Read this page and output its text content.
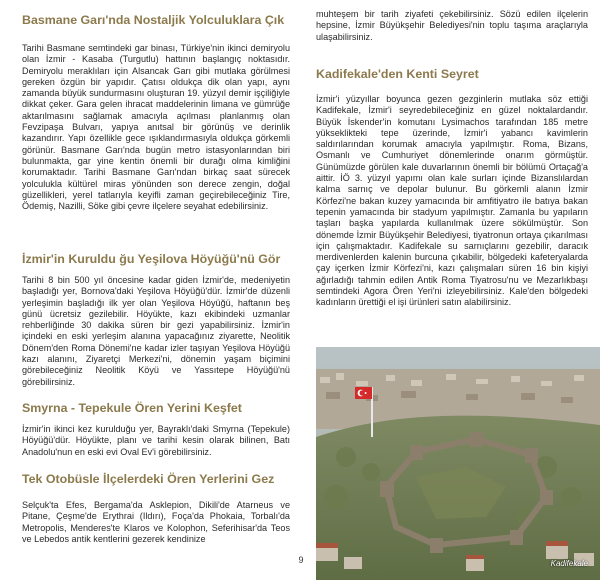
Basmane Garı'nda Nostaljik Yolculuklara Çık

Tarihi Basmane semtindeki gar binası, Türkiye'nin ikinci demiryolu olan İzmir - Kasaba (Turgutlu) hattının başlangıç noktasıdır. Demiryolu meraklıları için Alsancak Garı gibi mutlaka görülmesi gereken özgün bir yapıdır. Çatısı oldukça dik olan yapı, aynı zamanda büyük sundurmasını oluşturan 19. yüzyıl demir işçiliğiyle dikkat çeker. Gara gelen ihracat maddelerinin limana ve gümrüğe aktarılmasını sağlamak amacıyla açılması planlanmış olan Fevzipaşa Bulvarı, yapıya anıtsal bir görünüş ve derinlik kazandırır. Yapı özellikle gece ışıklandırmasıyla oldukça görkemli görünür. Basmane Garı'nda bugün metro istasyonlarından biri bulunmakta, gar yine kentin önemli bir durağı olma kimliğini korumaktadır. Tarihi Basmane Garı'ndan birkaç saat sürecek yolculukla kültürel miras yönünden son derece zengin, doğal güzellikleri, yerel tatlarıyla keyifli zaman geçirebileceğiniz Tire, Ödemiş, Nazilli, Söke gibi çevre ilçelere seyahat edebilirsiniz.

İzmir'in Kuruldu ğu Yeşilova Höyüğü'nü Gör

Tarihi 8 bin 500 yıl öncesine kadar giden İzmir'de, medeniyetin başladığı yer, Bornova'daki Yeşilova Höyüğü'dür. İzmir'de düzenli yerleşimin başladığı ilk yer olan Yeşilova Höyüğü, haftanın beş günü ücretsiz gezilebilir. Höyükte, kazı ekibindeki uzmanlar rehberliğinde 30 dakika süren bir gezi yapabilirsiniz. İzmir'in içindeki en eski yerleşim alanına yapacağınız ziyarette, Neolitik Dönem'den Roma Dönemi'ne kadar izler taşıyan Yeşilova Höyüğü kazı alanını, Ziyaretçi Merkezi'ni, dönemin yaşam biçimini görebileceğiniz Neolitik Köyü ve Yassıtepe Höyüğü'nü görebilirsiniz.

Smyrna - Tepekule Ören Yerini Keşfet

İzmir'in ikinci kez kurulduğu yer, Bayraklı'daki Smyrna (Tepekule) Höyüğü'dür. Höyükte, planı ve tarihi kesin olarak bilinen, Batı Anadolu'nun en eski evi Oval Ev'i görebilirsiniz.

Tek Otobüsle İlçelerdeki Ören Yerlerini Gez

Selçuk'ta Efes, Bergama'da Asklepion, Dikili'de Atarneus ve Pitane, Çeşme'de Erythrai (Ildırı), Foça'da Phokaia, Torbalı'da Metropolis, Menderes'te Klaros ve Kolophon, Seferihisar'da Teos ve Lebedos antik kentlerini gezerek kendinize

muhteşem bir tarih ziyafeti çekebilirsiniz. Sözü edilen ilçelerin hepsine, İzmir Büyükşehir Belediyesi'nin toplu taşıma araçlarıyla ulaşabilirsiniz.

Kadifekale'den Kenti Seyret

İzmir'i yüzyıllar boyunca gezen gezginlerin mutlaka söz ettiği Kadifekale, İzmir'i seyredebileceğiniz en güzel noktalardandır. Büyük İskender'in komutanı Lysimachos tarafından 185 metre yükseklikteki tepe üzerinde, İzmir'i yabancı kavimlerin saldırılarından korumak amacıyla yapılmıştır. Roma, Bizans, Osmanlı ve Cumhuriyet dönemlerinde onarım görmüştür. Günümüzde görülen kale duvarlarının önemli bir bölümü Ortaçağ'a aittir. İÖ 3. yüzyıl yapımı olan kale surları içinde Bizanslılardan kalma sarnıç ve depolar bulunur. Bu görkemli alanın İzmir Körfezi'ne bakan kuzey yamacında bir amfitiyatro ile batıya bakan tepenin yamacında bir stadyum yapılmıştır. Zamanla bu yapıların taşları başka yapılarda kullanılmak üzere sökülmüştür. Son dönemde İzmir Büyükşehir Belediyesi, tiyatronun ortaya çıkarılması için çalışmaktadır. Kadifekale su sarnıçlarını gezebilir, daracık merdivenlerden kalenin burcuna çıkabilir, bölgedeki kafeteryalarda çay içerken İzmir Körfezi'ni, kazı çalışmaları süren 16 bin kişiyi ağırladığı tahmin edilen Antik Roma Tiyatrosu'nu ve Mezarlıkbaşı semtindeki Agora Ören Yeri'ni izleyebilirsiniz. Kale'den bölgedeki kadınların ürettiği el işi ürünleri satın alabilirsiniz.

Kadifekale
9
